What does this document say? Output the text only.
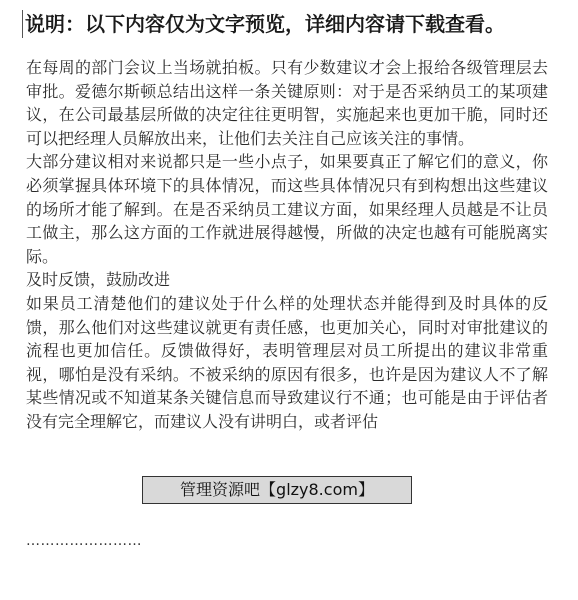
说明：以下内容仅为文字预览，详细内容请下载查看。

在每周的部门会议上当场就拍板。只有少数建议才会上报给各级管理层去审批。爱德尔斯顿总结出这样一条关键原则：对于是否采纳员工的某项建议，在公司最基层所做的决定往往更明智，实施起来也更加干脆，同时还可以把经理人员解放出来，让他们去关注自己应该关注的事情。

大部分建议相对来说都只是一些小点子，如果要真正了解它们的意义，你必须掌握具体环境下的具体情况，而这些具体情况只有到构想出这些建议的场所才能了解到。在是否采纳员工建议方面，如果经理人员越是不让员工做主，那么这方面的工作就进展得越慢，所做的决定也越有可能脱离实际。

及时反馈，鼓励改进

如果员工清楚他们的建议处于什么样的处理状态并能得到及时具体的反馈，那么他们对这些建议就更有责任感，也更加关心，同时对审批建议的流程也更加信任。反馈做得好，表明管理层对员工所提出的建议非常重视，哪怕是没有采纳。不被采纳的原因有很多，也许是因为建议人不了解某些情况或不知道某条关键信息而导致建议行不通；也可能是由于评估者没有完全理解它，而建议人没有讲明白，或者评估

……………………
管理资源吧【glzy8.com】
